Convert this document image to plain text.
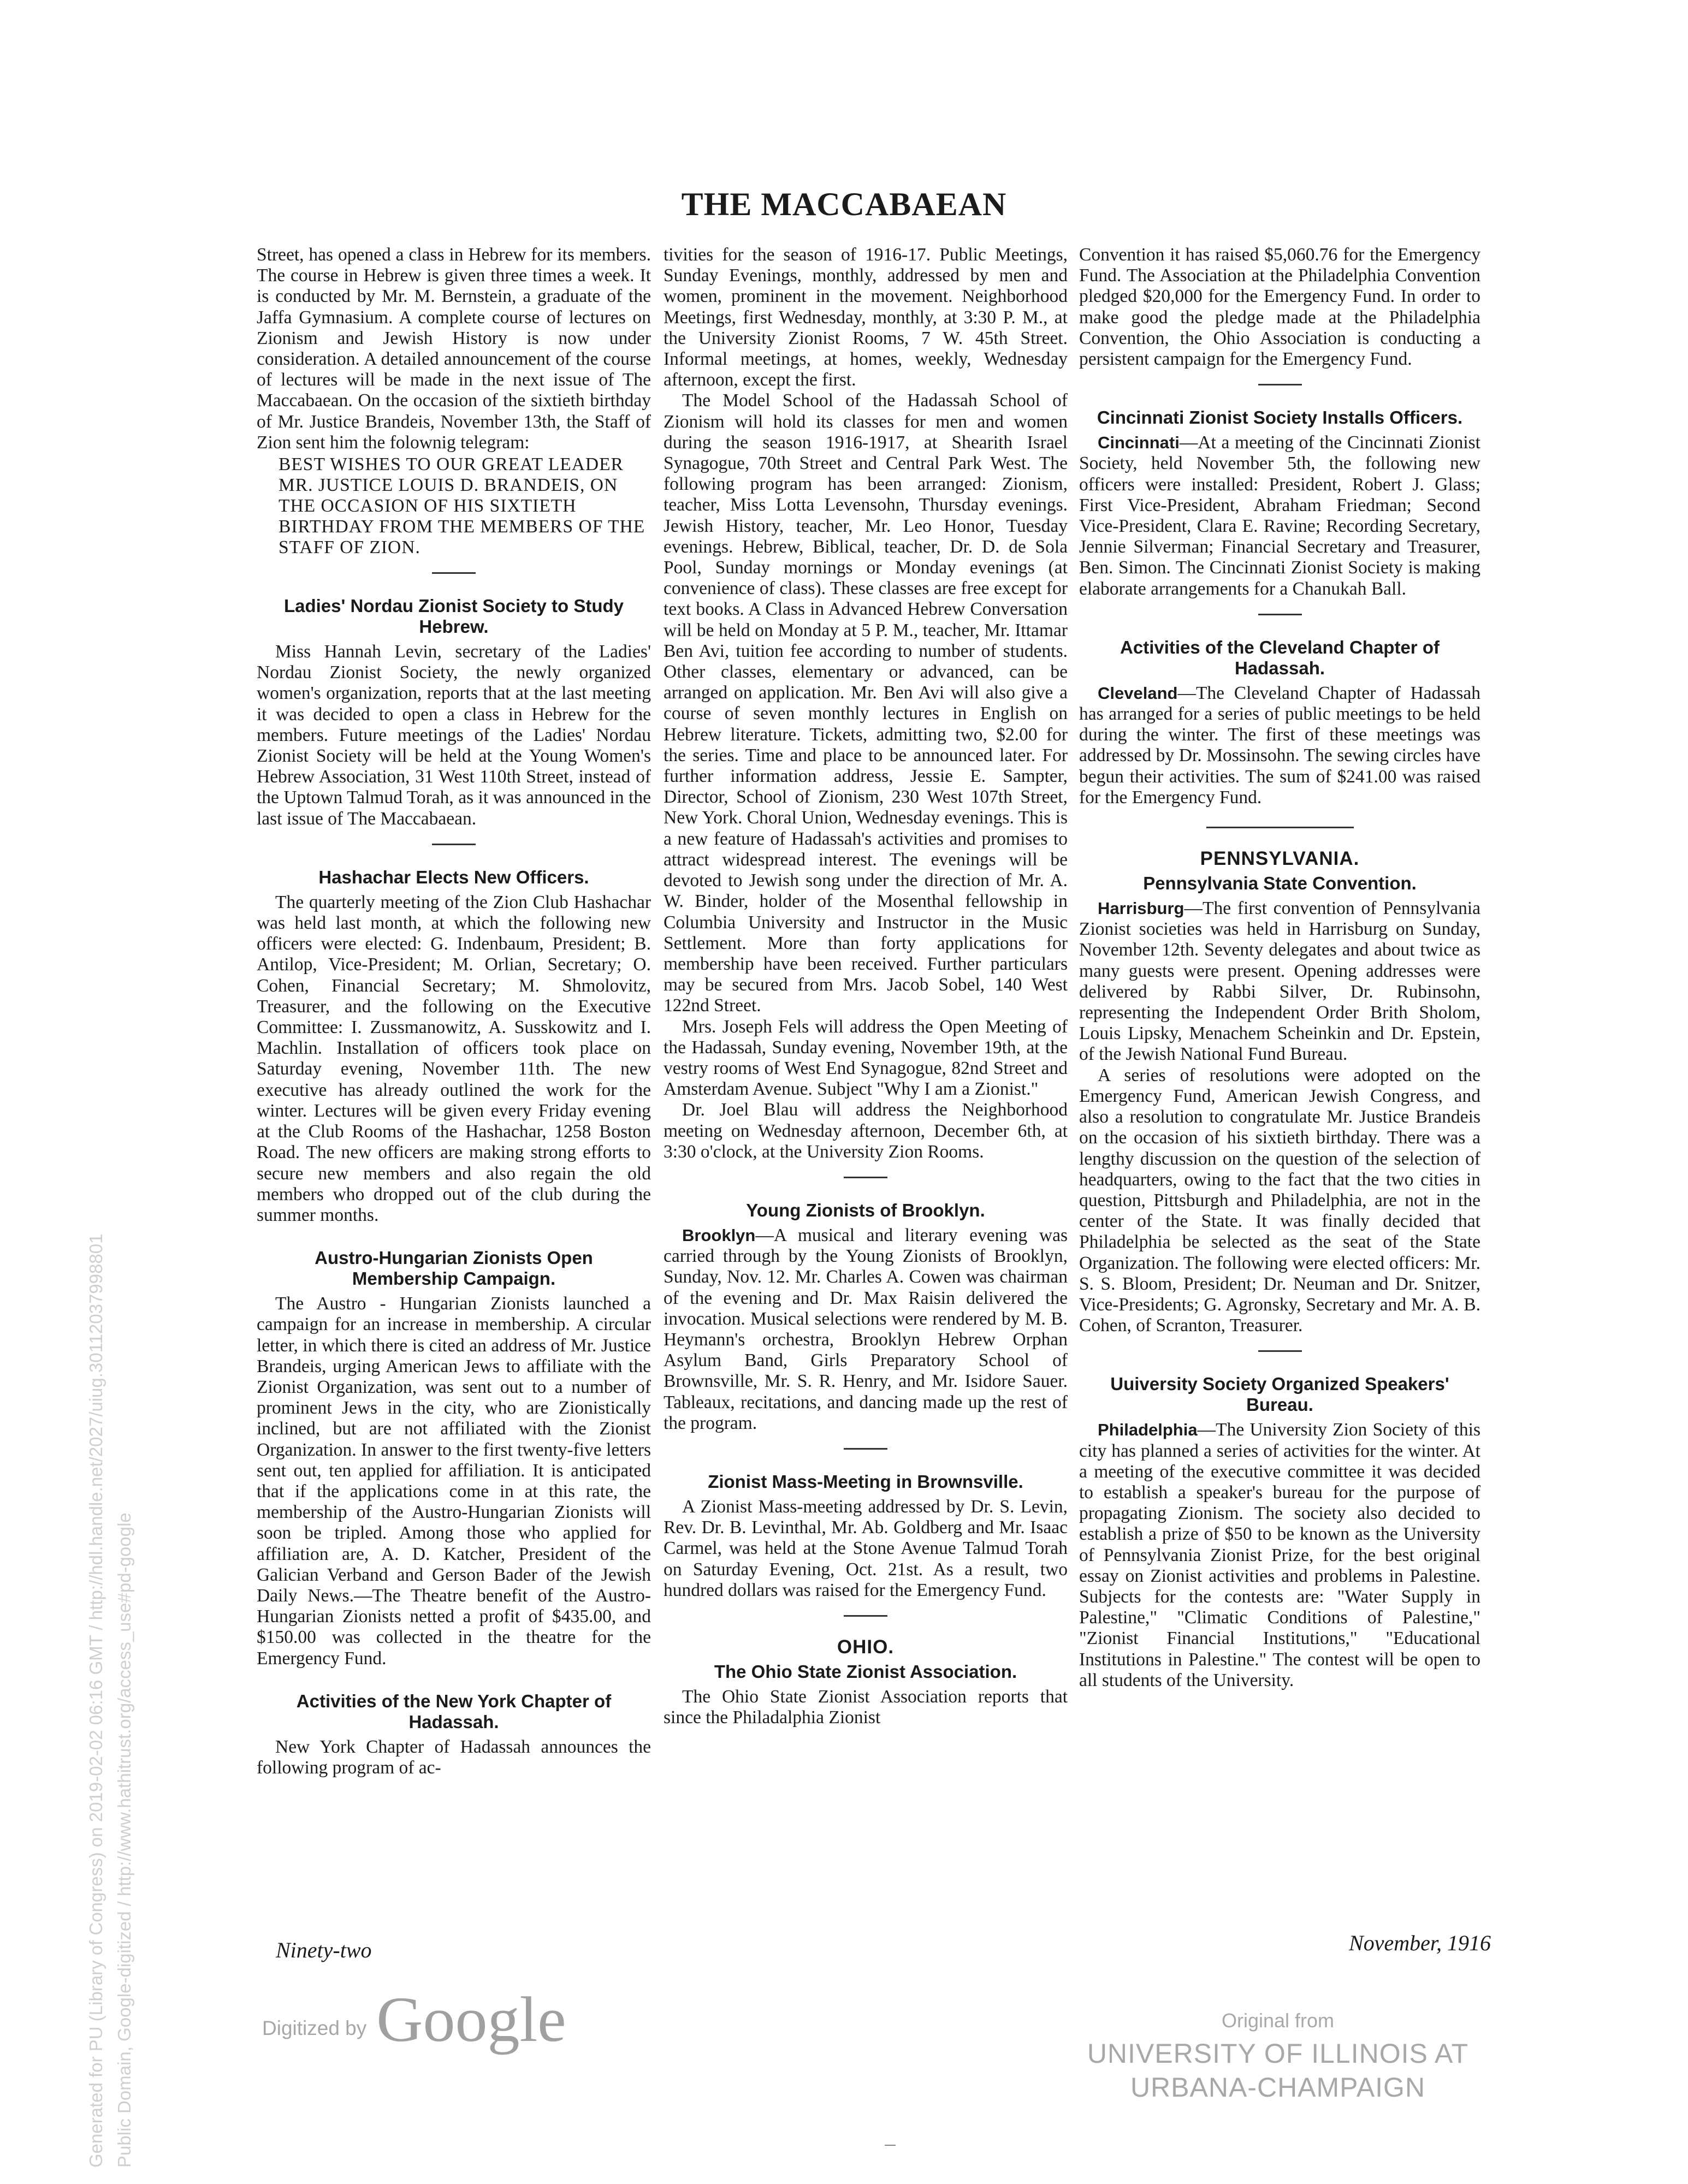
THE MACCABAEAN

Street, has opened a class in Hebrew for its members. The course in Hebrew is given three times a week. It is conducted by Mr. M. Bernstein, a graduate of the Jaffa Gymnasium. A complete course of lectures on Zionism and Jewish History is now under consideration. A detailed announcement of the course of lectures will be made in the next issue of The Maccabaean. On the occasion of the sixtieth birthday of Mr. Justice Brandeis, November 13th, the Staff of Zion sent him the folownig telegram:

BEST WISHES TO OUR GREAT LEADER MR. JUSTICE LOUIS D. BRANDEIS, ON THE OCCASION OF HIS SIXTIETH BIRTHDAY FROM THE MEMBERS OF THE STAFF OF ZION.
Ladies' Nordau Zionist Society to Study Hebrew.

Miss Hannah Levin, secretary of the Ladies' Nordau Zionist Society, the newly organized women's organization, reports that at the last meeting it was decided to open a class in Hebrew for the members. Future meetings of the Ladies' Nordau Zionist Society will be held at the Young Women's Hebrew Association, 31 West 110th Street, instead of the Uptown Talmud Torah, as it was announced in the last issue of The Maccabaean.

Hashachar Elects New Officers.

The quarterly meeting of the Zion Club Hashachar was held last month, at which the following new officers were elected: G. Indenbaum, President; B. Antilop, Vice-President; M. Orlian, Secretary; O. Cohen, Financial Secretary; M. Shmolovitz, Treasurer, and the following on the Executive Committee: I. Zussmanowitz, A. Susskowitz and I. Machlin. Installation of officers took place on Saturday evening, November 11th. The new executive has already outlined the work for the winter. Lectures will be given every Friday evening at the Club Rooms of the Hashachar, 1258 Boston Road. The new officers are making strong efforts to secure new members and also regain the old members who dropped out of the club during the summer months.

Austro-Hungarian Zionists Open Membership Campaign.

The Austro - Hungarian Zionists launched a campaign for an increase in membership. A circular letter, in which there is cited an address of Mr. Justice Brandeis, urging American Jews to affiliate with the Zionist Organization, was sent out to a number of prominent Jews in the city, who are Zionistically inclined, but are not affiliated with the Zionist Organization. In answer to the first twenty-five letters sent out, ten applied for affiliation. It is anticipated that if the applications come in at this rate, the membership of the Austro-Hungarian Zionists will soon be tripled. Among those who applied for affiliation are, A. D. Katcher, President of the Galician Verband and Gerson Bader of the Jewish Daily News.—The Theatre benefit of the Austro-Hungarian Zionists netted a profit of $435.00, and $150.00 was collected in the theatre for the Emergency Fund.

Activities of the New York Chapter of Hadassah.

New York Chapter of Hadassah announces the following program of ac-

tivities for the season of 1916-17. Public Meetings, Sunday Evenings, monthly, addressed by men and women, prominent in the movement. Neighborhood Meetings, first Wednesday, monthly, at 3:30 P. M., at the University Zionist Rooms, 7 W. 45th Street. Informal meetings, at homes, weekly, Wednesday afternoon, except the first.

The Model School of the Hadassah School of Zionism will hold its classes for men and women during the season 1916-1917, at Shearith Israel Synagogue, 70th Street and Central Park West. The following program has been arranged: Zionism, teacher, Miss Lotta Levensohn, Thursday evenings. Jewish History, teacher, Mr. Leo Honor, Tuesday evenings. Hebrew, Biblical, teacher, Dr. D. de Sola Pool, Sunday mornings or Monday evenings (at convenience of class). These classes are free except for text books. A Class in Advanced Hebrew Conversation will be held on Monday at 5 P. M., teacher, Mr. Ittamar Ben Avi, tuition fee according to number of students. Other classes, elementary or advanced, can be arranged on application. Mr. Ben Avi will also give a course of seven monthly lectures in English on Hebrew literature. Tickets, admitting two, $2.00 for the series. Time and place to be announced later. For further information address, Jessie E. Sampter, Director, School of Zionism, 230 West 107th Street, New York. Choral Union, Wednesday evenings. This is a new feature of Hadassah's activities and promises to attract widespread interest. The evenings will be devoted to Jewish song under the direction of Mr. A. W. Binder, holder of the Mosenthal fellowship in Columbia University and Instructor in the Music Settlement. More than forty applications for membership have been received. Further particulars may be secured from Mrs. Jacob Sobel, 140 West 122nd Street.

Mrs. Joseph Fels will address the Open Meeting of the Hadassah, Sunday evening, November 19th, at the vestry rooms of West End Synagogue, 82nd Street and Amsterdam Avenue. Subject "Why I am a Zionist."

Dr. Joel Blau will address the Neighborhood meeting on Wednesday afternoon, December 6th, at 3:30 o'clock, at the University Zion Rooms.

Young Zionists of Brooklyn.

Brooklyn—A musical and literary evening was carried through by the Young Zionists of Brooklyn, Sunday, Nov. 12. Mr. Charles A. Cowen was chairman of the evening and Dr. Max Raisin delivered the invocation. Musical selections were rendered by M. B. Heymann's orchestra, Brooklyn Hebrew Orphan Asylum Band, Girls Preparatory School of Brownsville, Mr. S. R. Henry, and Mr. Isidore Sauer. Tableaux, recitations, and dancing made up the rest of the program.

Zionist Mass-Meeting in Brownsville.

A Zionist Mass-meeting addressed by Dr. S. Levin, Rev. Dr. B. Levinthal, Mr. Ab. Goldberg and Mr. Isaac Carmel, was held at the Stone Avenue Talmud Torah on Saturday Evening, Oct. 21st. As a result, two hundred dollars was raised for the Emergency Fund.

OHIO.
The Ohio State Zionist Association.

The Ohio State Zionist Association reports that since the Philadalphia Zionist

Convention it has raised $5,060.76 for the Emergency Fund. The Association at the Philadelphia Convention pledged $20,000 for the Emergency Fund. In order to make good the pledge made at the Philadelphia Convention, the Ohio Association is conducting a persistent campaign for the Emergency Fund.

Cincinnati Zionist Society Installs Officers.

Cincinnati—At a meeting of the Cincinnati Zionist Society, held November 5th, the following new officers were installed: President, Robert J. Glass; First Vice-President, Abraham Friedman; Second Vice-President, Clara E. Ravine; Recording Secretary, Jennie Silverman; Financial Secretary and Treasurer, Ben. Simon. The Cincinnati Zionist Society is making elaborate arrangements for a Chanukah Ball.

Activities of the Cleveland Chapter of Hadassah.

Cleveland—The Cleveland Chapter of Hadassah has arranged for a series of public meetings to be held during the winter. The first of these meetings was addressed by Dr. Mossinsohn. The sewing circles have begun their activities. The sum of $241.00 was raised for the Emergency Fund.

PENNSYLVANIA.
Pennsylvania State Convention.

Harrisburg—The first convention of Pennsylvania Zionist societies was held in Harrisburg on Sunday, November 12th. Seventy delegates and about twice as many guests were present. Opening addresses were delivered by Rabbi Silver, Dr. Rubinsohn, representing the Independent Order Brith Sholom, Louis Lipsky, Menachem Scheinkin and Dr. Epstein, of the Jewish National Fund Bureau.

A series of resolutions were adopted on the Emergency Fund, American Jewish Congress, and also a resolution to congratulate Mr. Justice Brandeis on the occasion of his sixtieth birthday. There was a lengthy discussion on the question of the selection of headquarters, owing to the fact that the two cities in question, Pittsburgh and Philadelphia, are not in the center of the State. It was finally decided that Philadelphia be selected as the seat of the State Organization. The following were elected officers: Mr. S. S. Bloom, President; Dr. Neuman and Dr. Snitzer, Vice-Presidents; G. Agronsky, Secretary and Mr. A. B. Cohen, of Scranton, Treasurer.

Uuiversity Society Organized Speakers' Bureau.

Philadelphia—The University Zion Society of this city has planned a series of activities for the winter. At a meeting of the executive committee it was decided to establish a speaker's bureau for the purpose of propagating Zionism. The society also decided to establish a prize of $50 to be known as the University of Pennsylvania Zionist Prize, for the best original essay on Zionist activities and problems in Palestine. Subjects for the contests are: "Water Supply in Palestine," "Climatic Conditions of Palestine," "Zionist Financial Institutions," "Educational Institutions in Palestine." The contest will be open to all students of the University.

Ninety-two	November, 1916
Digitized by Google	Original from
UNIVERSITY OF ILLINOIS AT
URBANA-CHAMPAIGN
Generated for PU (Library of Congress) on 2019-02-02 06:16 GMT / http://hdl.handle.net/2027/uiug.30112037998801 Public Domain, Google-digitized / http://www.hathitrust.org/access_use#pd-google
